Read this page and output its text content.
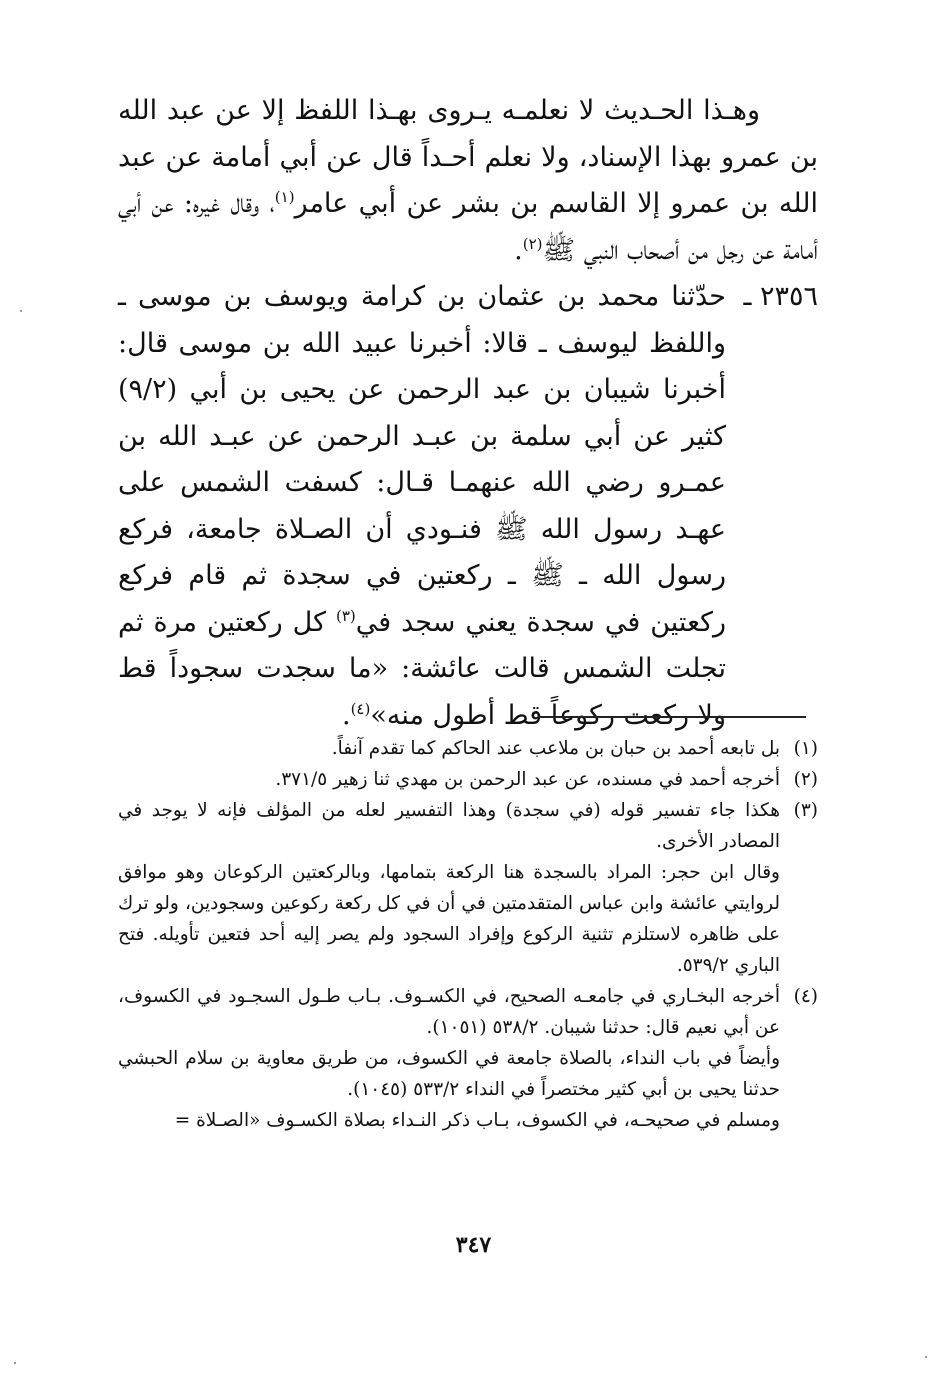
وهـذا الحـديث لا نعلمـه يـروى بهـذا اللفظ إلا عن عبد الله بن عمرو بهذا الإسناد، ولا نعلم أحـداً قال عن أبي أمامة عن عبد الله بن عمرو إلا القاسم بن بشر عن أبي عامر$^{(١)}$، وقال غيره: عن أبي أمامة عن رجل من أصحاب النبي ﷺ$^{(٢)}$.

٢٣٥٦ ـ

حدّثنا محمد بن عثمان بن كرامة ويوسف بن موسى ـ واللفظ ليوسف ـ قالا: أخبرنا عبيد الله بن موسى قال: أخبرنا شيبان بن عبد الرحمن عن يحيى بن أبي (٩/٢) كثير عن أبي سلمة بن عبـد الرحمن عن عبـد الله بن عمـرو رضي الله عنهمـا قـال: كسفت الشمس على عهـد رسول الله ﷺ فنـودي أن الصـلاة جامعة، فركع رسول الله ـ ﷺ ـ ركعتين في سجدة ثم قام فركع ركعتين في سجدة يعني سجد في$^{(٣)}$ كل ركعتين مرة ثم تجلت الشمس قالت عائشة: «ما سجدت سجوداً قط ولا ركعت ركوعاً قط أطول منه»$^{(٤)}$.

(١)
بل تابعه أحمد بن حبان بن ملاعب عند الحاكم كما تقدم آنفاً.
(٢)
أخرجه أحمد في مسنده، عن عبد الرحمن بن مهدي ثنا زهير ٣٧١/٥.
(٣)
هكذا جاء تفسير قوله (في سجدة) وهذا التفسير لعله من المؤلف فإنه لا يوجد في المصادر الأخرى.

وقال ابن حجر: المراد بالسجدة هنا الركعة بتمامها، وبالركعتين الركوعان وهو موافق لروايتي عائشة وابن عباس المتقدمتين في أن في كل ركعة ركوعين وسجودين، ولو ترك على ظاهره لاستلزم تثنية الركوع وإفراد السجود ولم يصر إليه أحد فتعين تأويله. فتح الباري ٥٣٩/٢.

(٤)
أخرجه البخـاري في جامعـه الصحيح، في الكسـوف. بـاب طـول السجـود في الكسوف، عن أبي نعيم قال: حدثنا شيبان. ٥٣٨/٢ (١٠٥١).

وأيضاً في باب النداء، بالصلاة جامعة في الكسوف، من طريق معاوية بن سلام الحبشي حدثنا يحيى بن أبي كثير مختصراً في النداء ٥٣٣/٢ (١٠٤٥).

ومسلم في صحيحـه، في الكسوف، بـاب ذكر النـداء بصلاة الكسـوف «الصـلاة =

٣٤٧
